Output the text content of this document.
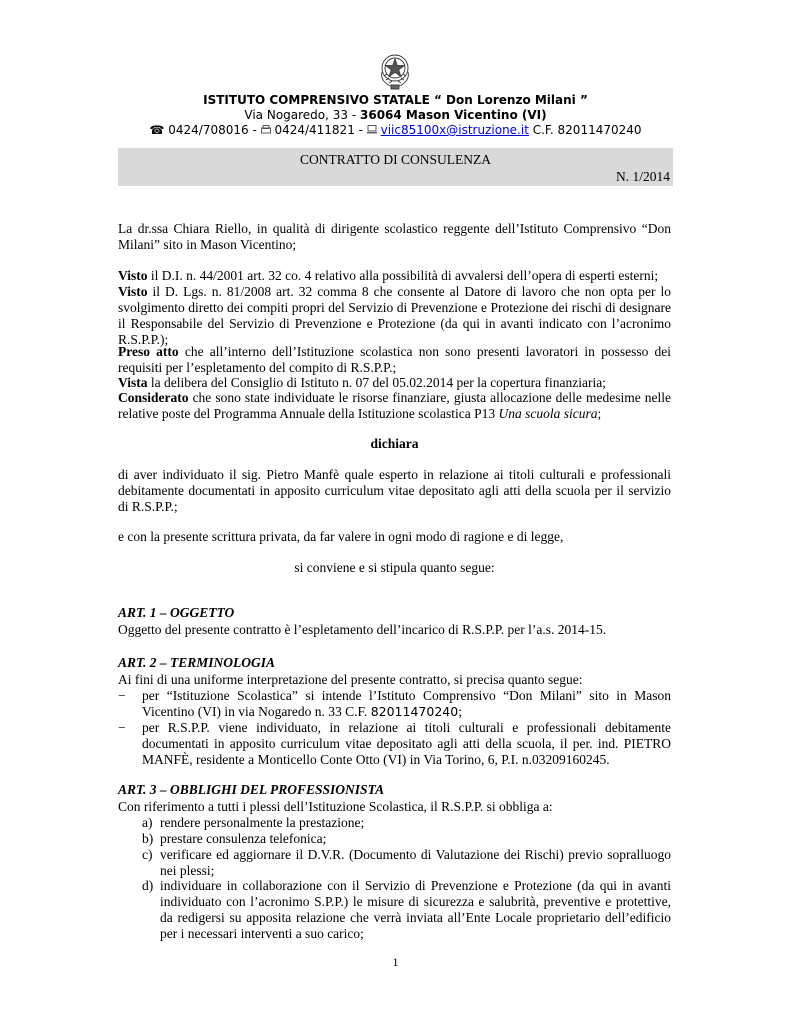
ISTITUTO COMPRENSIVO STATALE “ Don Lorenzo Milani ”
Via Nogaredo, 33 - 36064 Mason Vicentino (VI)
☎ 0424/708016 -  0424/411821 -  viic85100x@istruzione.it C.F. 82011470240
CONTRATTO DI CONSULENZA
N. 1/2014
La dr.ssa Chiara Riello, in qualità di dirigente scolastico reggente dell’Istituto Comprensivo “Don Milani” sito in Mason Vicentino;
Visto il D.I. n. 44/2001 art. 32 co. 4 relativo alla possibilità di avvalersi dell’opera di esperti esterni;
Visto il D. Lgs. n. 81/2008 art. 32 comma 8 che consente al Datore di lavoro che non opta per lo svolgimento diretto dei compiti propri del Servizio di Prevenzione e Protezione dei rischi di designare il Responsabile del Servizio di Prevenzione e Protezione (da qui in avanti indicato con l’acronimo R.S.P.P.);
Preso atto che all’interno dell’Istituzione scolastica non sono presenti lavoratori in possesso dei requisiti per l’espletamento del compito di R.S.P.P.;
Vista la delibera del Consiglio di Istituto n. 07 del 05.02.2014 per la copertura finanziaria;
Considerato che sono state individuate le risorse finanziare, giusta allocazione delle medesime nelle relative poste del Programma Annuale della Istituzione scolastica P13 Una scuola sicura;
dichiara
di aver individuato il sig. Pietro Manfè quale esperto in relazione ai titoli culturali e professionali debitamente documentati in apposito curriculum vitae depositato agli atti della scuola per il servizio di R.S.P.P.;
e con la presente scrittura privata, da far valere in ogni modo di ragione e di legge,
si conviene e si stipula quanto segue:
ART. 1 – OGGETTO
Oggetto del presente contratto è l’espletamento dell’incarico di R.S.P.P. per l’a.s. 2014-15.
ART. 2 – TERMINOLOGIA
Ai fini di una uniforme interpretazione del presente contratto, si precisa quanto segue:
− per “Istituzione Scolastica” si intende l’Istituto Comprensivo “Don Milani” sito in Mason Vicentino (VI) in via Nogaredo n. 33 C.F. 82011470240;
− per R.S.P.P. viene individuato, in relazione ai titoli culturali e professionali debitamente documentati in apposito curriculum vitae depositato agli atti della scuola, il per. ind. PIETRO MANFÈ, residente a Monticello Conte Otto (VI) in Via Torino, 6, P.I. n.03209160245.
ART. 3 – OBBLIGHI DEL PROFESSIONISTA
Con riferimento a tutti i plessi dell’Istituzione Scolastica, il R.S.P.P. si obbliga a:
a) rendere personalmente la prestazione;
b) prestare consulenza telefonica;
c) verificare ed aggiornare il D.V.R. (Documento di Valutazione dei Rischi) previo sopralluogo nei plessi;
d) individuare in collaborazione con il Servizio di Prevenzione e Protezione (da qui in avanti individuato con l’acronimo S.P.P.) le misure di sicurezza e salubrità, preventive e protettive, da redigersi su apposita relazione che verrà inviata all’Ente Locale proprietario dell’edificio per i necessari interventi a suo carico;
1
